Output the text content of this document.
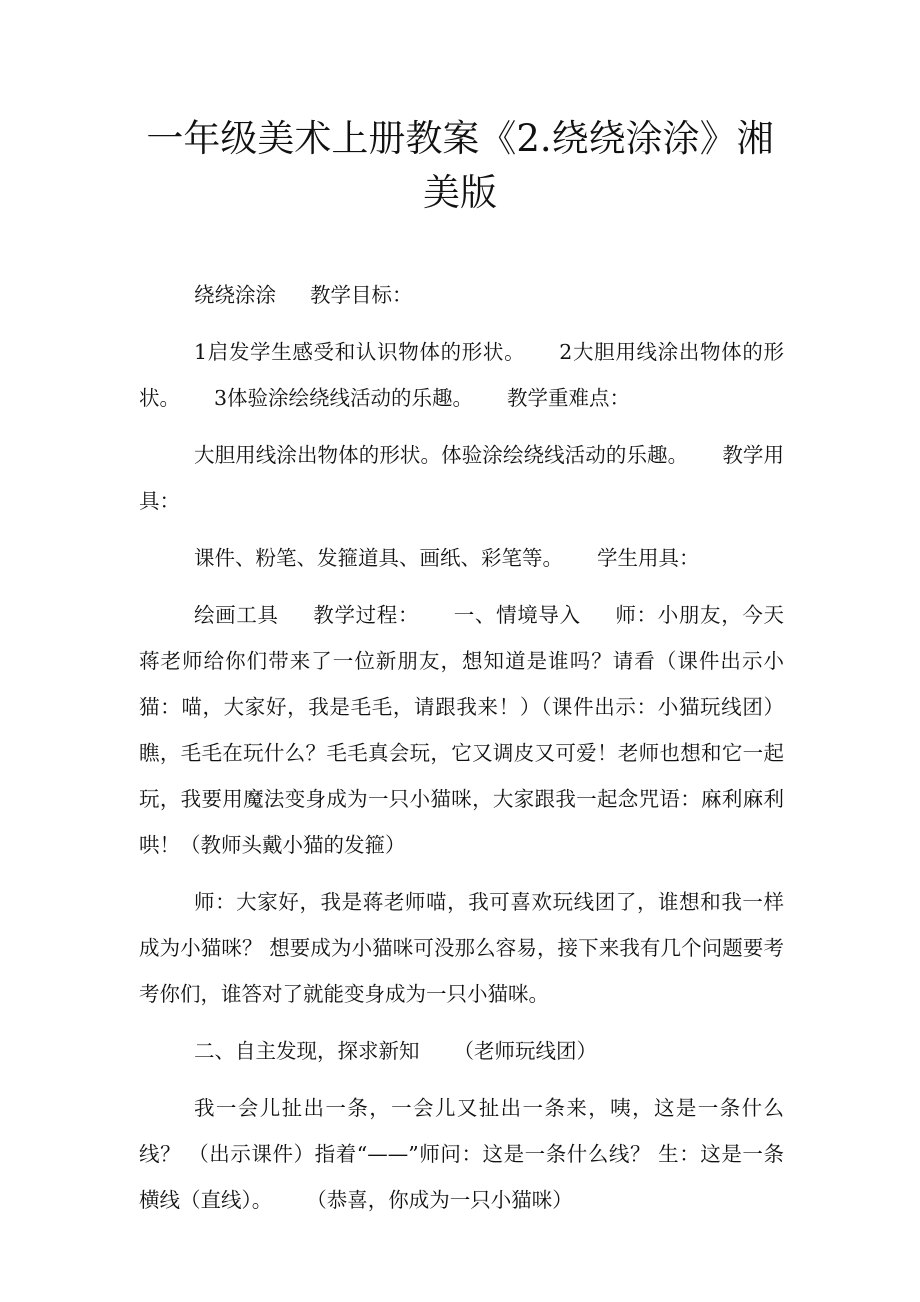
一年级美术上册教案《2.绕绕涂涂》湘美版

绕绕涂涂 教学目标：

1启发学生感受和认识物体的形状。 2大胆用线涂出物体的形状。 3体验涂绘绕线活动的乐趣。 教学重难点：

大胆用线涂出物体的形状。体验涂绘绕线活动的乐趣。 教学用具：

课件、粉笔、发箍道具、画纸、彩笔等。 学生用具：

绘画工具 教学过程： 一、情境导入 师：小朋友，今天蒋老师给你们带来了一位新朋友，想知道是谁吗？请看（课件出示小猫：喵，大家好，我是毛毛，请跟我来！）（课件出示：小猫玩线团）瞧，毛毛在玩什么？毛毛真会玩，它又调皮又可爱！老师也想和它一起玩，我要用魔法变身成为一只小猫咪，大家跟我一起念咒语：麻利麻利哄！（教师头戴小猫的发箍）

师：大家好，我是蒋老师喵，我可喜欢玩线团了，谁想和我一样成为小猫咪？ 想要成为小猫咪可没那么容易，接下来我有几个问题要考考你们，谁答对了就能变身成为一只小猫咪。

二、自主发现，探求新知 （老师玩线团）

我一会儿扯出一条，一会儿又扯出一条来，咦，这是一条什么线？ （出示课件）指着“——”师问：这是一条什么线？ 生：这是一条横线（直线）。 （恭喜，你成为一只小猫咪）
